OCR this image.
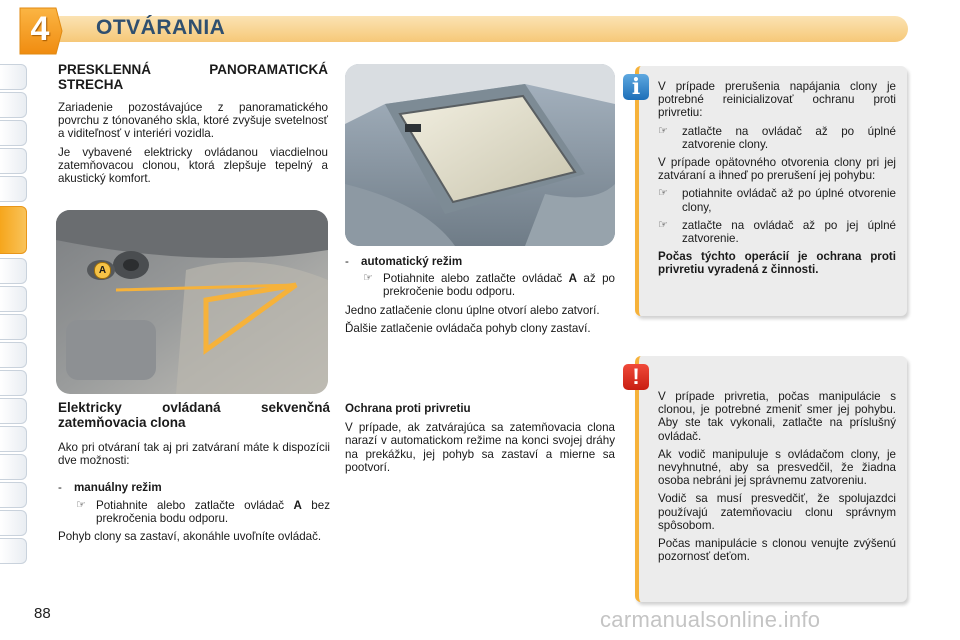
4	OTVÁRANIA
PRESKLENNÁ PANORAMATICKÁ STRECHA

Zariadenie pozostávajúce z panoramatického povrchu z tónovaného skla, ktoré zvyšuje svetelnosť a viditeľnosť v interiéri vozidla.

Je vybavené elektricky ovládanou viacdielnou zatemňovacou clonou, ktorá zlepšuje tepelný a akustický komfort.

A
Elektricky ovládaná sekvenčná zatemňovacia clona

Ako pri otváraní tak aj pri zatváraní máte k dispozícii dve možnosti:

-	manuálny režim
☞ Potiahnite alebo zatlačte ovládač A bez prekročenia bodu odporu.

Pohyb clony sa zastaví, akonáhle uvoľníte ovládač.

-	automatický režim
☞ Potiahnite alebo zatlačte ovládač A až po prekročenie bodu odporu.

Jedno zatlačenie clonu úplne otvorí alebo zatvorí.

Ďalšie zatlačenie ovládača pohyb clony zastaví.

Ochrana proti privretiu

V prípade, ak zatvárajúca sa zatemňovacia clona narazí v automatickom režime na konci svojej dráhy na prekážku, jej pohyb sa zastaví a mierne sa pootvorí.

i	V prípade prerušenia napájania clony je potrebné reinicializovať ochranu proti privretiu:

☞	zatlačte na ovládač až po úplné zatvorenie clony.

V prípade opätovného otvorenia clony pri jej zatváraní a ihneď po prerušení jej pohybu:

☞	potiahnite ovládač až po úplné otvorenie clony,
☞	zatlačte na ovládač až po jej úplné zatvorenie.

Počas týchto operácií je ochrana proti privretiu vyradená z činnosti.

!

V prípade privretia, počas manipulácie s clonou, je potrebné zmeniť smer jej pohybu. Aby ste tak vykonali, zatlačte na príslušný ovládač.

Ak vodič manipuluje s ovládačom clony, je nevyhnutné, aby sa presvedčil, že žiadna osoba nebráni jej správnemu zatvoreniu.

Vodič sa musí presvedčiť, že spolujazdci používajú zatemňovaciu clonu správnym spôsobom.

Počas manipulácie s clonou venujte zvýšenú pozornosť deťom.

88	carmanualsonline.info
